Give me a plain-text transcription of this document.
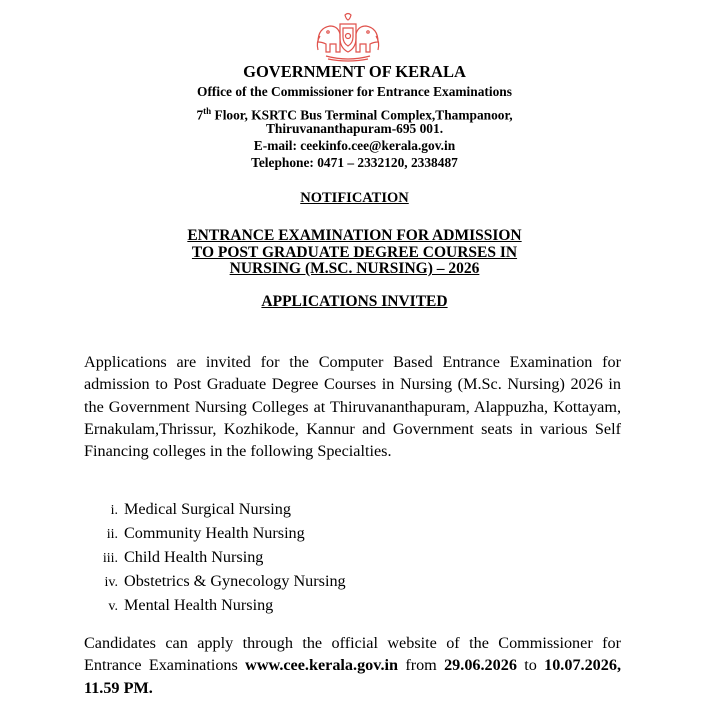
GOVERNMENT OF KERALA
Office of the Commissioner for Entrance Examinations
7th Floor, KSRTC Bus Terminal Complex,Thampanoor,
Thiruvananthapuram-695 001.
E-mail: ceekinfo.cee@kerala.gov.in
Telephone: 0471 – 2332120, 2338487
NOTIFICATION
ENTRANCE EXAMINATION FOR ADMISSION
TO POST GRADUATE DEGREE COURSES IN
NURSING (M.SC. NURSING) – 2026
APPLICATIONS INVITED
Applications are invited for the Computer Based Entrance Examination for admission to Post Graduate Degree Courses in Nursing (M.Sc. Nursing) 2026 in the Government Nursing Colleges at Thiruvananthapuram, Alappuzha, Kottayam, Ernakulam,Thrissur, Kozhikode, Kannur and Government seats in various Self Financing colleges in the following Specialties.
i. Medical Surgical Nursing
ii. Community Health Nursing
iii. Child Health Nursing
iv. Obstetrics & Gynecology Nursing
v. Mental Health Nursing
Candidates can apply through the official website of the Commissioner for Entrance Examinations www.cee.kerala.gov.in from 29.06.2026 to 10.07.2026, 11.59 PM.
